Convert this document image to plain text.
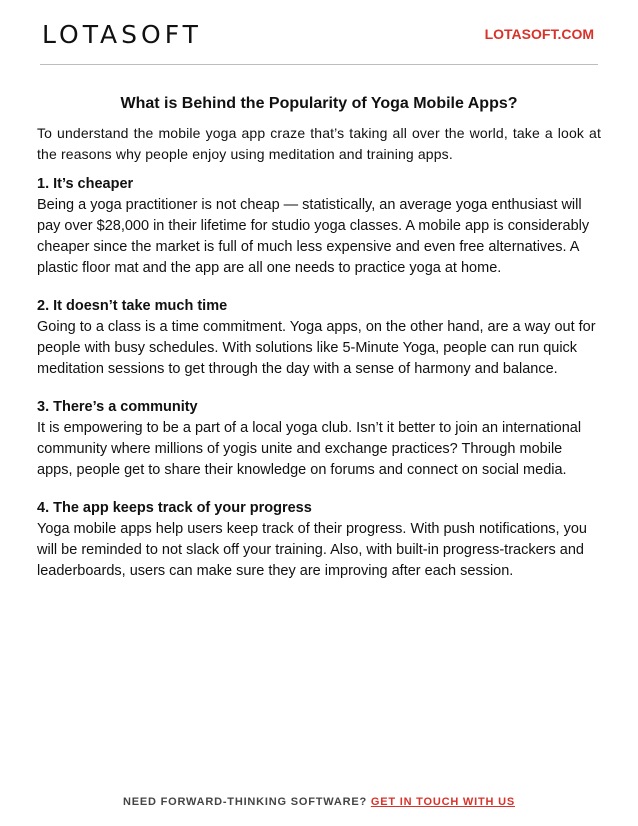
LOTASOFT	LOTASOFT.COM
What is Behind the Popularity of Yoga Mobile Apps?

To understand the mobile yoga app craze that’s taking all over the world, take a look at the reasons why people enjoy using meditation and training apps.

1. It’s cheaper

Being a yoga practitioner is not cheap — statistically, an average yoga enthusiast will pay over $28,000 in their lifetime for studio yoga classes. A mobile app is considerably cheaper since the market is full of much less expensive and even free alternatives. A plastic floor mat and the app are all one needs to practice yoga at home.

2. It doesn’t take much time

Going to a class is a time commitment. Yoga apps, on the other hand, are a way out for people with busy schedules. With solutions like 5-Minute Yoga, people can run quick meditation sessions to get through the day with a sense of harmony and balance.

3. There’s a community

It is empowering to be a part of a local yoga club. Isn’t it better to join an international community where millions of yogis unite and exchange practices? Through mobile apps, people get to share their knowledge on forums and connect on social media.

4. The app keeps track of your progress

Yoga mobile apps help users keep track of their progress. With push notifications, you will be reminded to not slack off your training. Also, with built-in progress-trackers and leaderboards, users can make sure they are improving after each session.

NEED FORWARD-THINKING SOFTWARE? GET IN TOUCH WITH US
